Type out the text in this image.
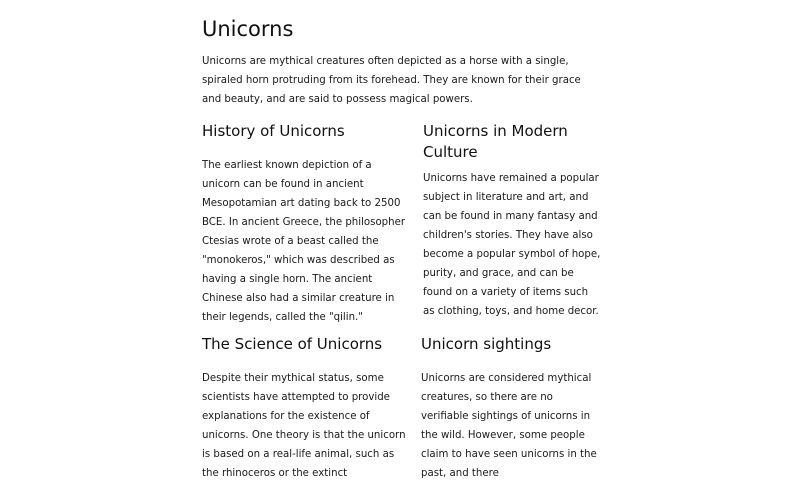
Unicorns

Unicorns are mythical creatures often depicted as a horse with a single, spiraled horn protruding from its forehead. They are known for their grace and beauty, and are said to possess magical powers.

History of Unicorns

The earliest known depiction of a unicorn can be found in ancient Mesopotamian art dating back to 2500 BCE. In ancient Greece, the philosopher Ctesias wrote of a beast called the "monokeros," which was described as having a single horn. The ancient Chinese also had a similar creature in their legends, called the "qilin."

Unicorns in Modern Culture

Unicorns have remained a popular subject in literature and art, and can be found in many fantasy and children's stories. They have also become a popular symbol of hope, purity, and grace, and can be found on a variety of items such as clothing, toys, and home decor.

The Science of Unicorns

Despite their mythical status, some scientists have attempted to provide explanations for the existence of unicorns. One theory is that the unicorn is based on a real-life animal, such as the rhinoceros or the extinct

Unicorn sightings

Unicorns are considered mythical creatures, so there are no verifiable sightings of unicorns in the wild. However, some people claim to have seen unicorns in the past, and there
